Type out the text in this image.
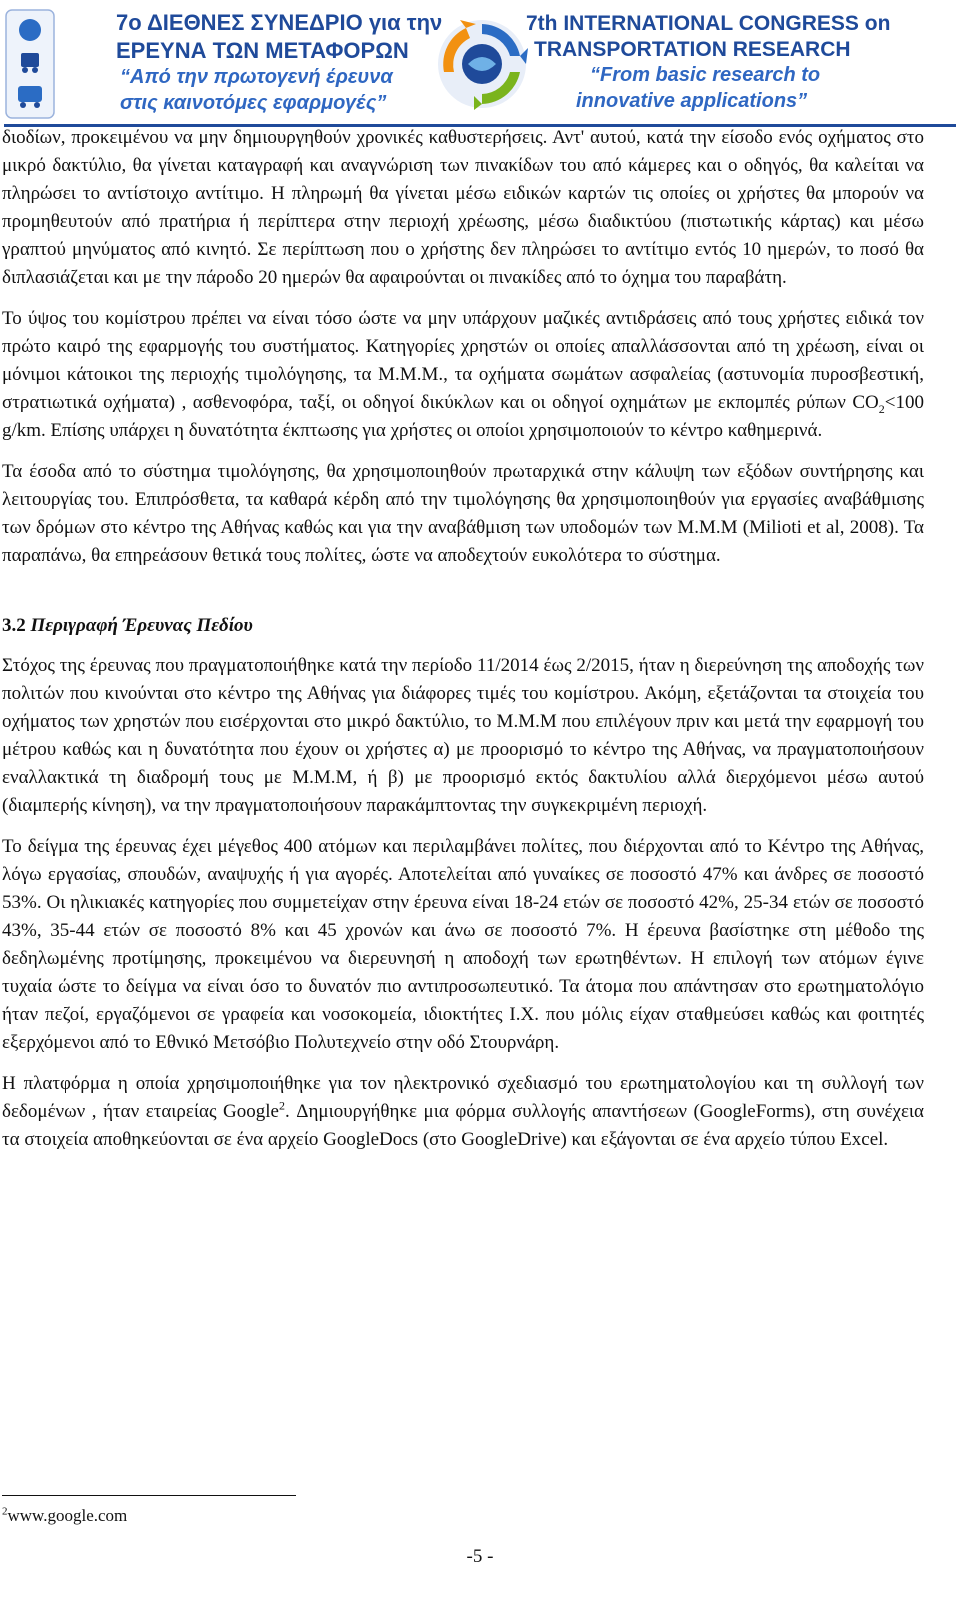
7ο ΔΙΕΘΝΕΣ ΣΥΝΕΔΡΙΟ για την
ΕΡΕΥΝΑ ΤΩΝ ΜΕΤΑΦΟΡΩΝ
“Από την πρωτογενή έρευνα
στις καινοτόμες εφαρμογές”
7th INTERNATIONAL CONGRESS on
TRANSPORTATION RESEARCH
“From basic research to
innovative applications”

διοδίων, προκειμένου να μην δημιουργηθούν χρονικές καθυστερήσεις. Αντ' αυτού, κατά την είσοδο ενός οχήματος στο μικρό δακτύλιο, θα γίνεται καταγραφή και αναγνώριση των πινακίδων του από κάμερες και ο οδηγός, θα καλείται να πληρώσει το αντίστοιχο αντίτιμο. Η πληρωμή θα γίνεται μέσω ειδικών καρτών τις οποίες οι χρήστες θα μπορούν να προμηθευτούν από πρατήρια ή περίπτερα στην περιοχή χρέωσης, μέσω διαδικτύου (πιστωτικής κάρτας) και μέσω γραπτού μηνύματος από κινητό. Σε περίπτωση που ο χρήστης δεν πληρώσει το αντίτιμο εντός 10 ημερών, το ποσό θα διπλασιάζεται και με την πάροδο 20 ημερών θα αφαιρούνται οι πινακίδες από το όχημα του παραβάτη.

Το ύψος του κομίστρου πρέπει να είναι τόσο ώστε να μην υπάρχουν μαζικές αντιδράσεις από τους χρήστες ειδικά τον πρώτο καιρό της εφαρμογής του συστήματος. Κατηγορίες χρηστών οι οποίες απαλλάσσονται από τη χρέωση, είναι οι μόνιμοι κάτοικοι της περιοχής τιμολόγησης, τα Μ.Μ.Μ., τα οχήματα σωμάτων ασφαλείας (αστυνομία πυροσβεστική, στρατιωτικά οχήματα) , ασθενοφόρα, ταξί, οι οδηγοί δικύκλων και οι οδηγοί οχημάτων με εκπομπές ρύπων $CO_2<100$ g/km. Επίσης υπάρχει η δυνατότητα έκπτωσης για χρήστες οι οποίοι χρησιμοποιούν το κέντρο καθημερινά.

Τα έσοδα από το σύστημα τιμολόγησης, θα χρησιμοποιηθούν πρωταρχικά στην κάλυψη των εξόδων συντήρησης και λειτουργίας του. Επιπρόσθετα, τα καθαρά κέρδη από την τιμολόγησης θα χρησιμοποιηθούν για εργασίες αναβάθμισης των δρόμων στο κέντρο της Αθήνας καθώς και για την αναβάθμιση των υποδομών των Μ.Μ.Μ (Milioti et al, 2008). Τα παραπάνω, θα επηρεάσουν θετικά τους πολίτες, ώστε να αποδεχτούν ευκολότερα το σύστημα.

3.2 Περιγραφή Έρευνας Πεδίου

Στόχος της έρευνας που πραγματοποιήθηκε κατά την περίοδο 11/2014 έως 2/2015, ήταν η διερεύνηση της αποδοχής των πολιτών που κινούνται στο κέντρο της Αθήνας για διάφορες τιμές του κομίστρου. Ακόμη, εξετάζονται τα στοιχεία του οχήματος των χρηστών που εισέρχονται στο μικρό δακτύλιο, το Μ.Μ.Μ που επιλέγουν πριν και μετά την εφαρμογή του μέτρου καθώς και η δυνατότητα που έχουν οι χρήστες α) με προορισμό το κέντρο της Αθήνας, να πραγματοποιήσουν εναλλακτικά τη διαδρομή τους με Μ.Μ.Μ, ή β) με προορισμό εκτός δακτυλίου αλλά διερχόμενοι μέσω αυτού (διαμπερής κίνηση), να την πραγματοποιήσουν παρακάμπτοντας την συγκεκριμένη περιοχή.

Το δείγμα της έρευνας έχει μέγεθος 400 ατόμων και περιλαμβάνει πολίτες, που διέρχονται από το Κέντρο της Αθήνας, λόγω εργασίας, σπουδών, αναψυχής ή για αγορές. Αποτελείται από γυναίκες σε ποσοστό 47% και άνδρες σε ποσοστό 53%. Οι ηλικιακές κατηγορίες που συμμετείχαν στην έρευνα είναι 18-24 ετών σε ποσοστό 42%, 25-34 ετών σε ποσοστό 43%, 35-44 ετών σε ποσοστό 8% και 45 χρονών και άνω σε ποσοστό 7%. Η έρευνα βασίστηκε στη μέθοδο της δεδηλωμένης προτίμησης, προκειμένου να διερευνησή η αποδοχή των ερωτηθέντων. Η επιλογή των ατόμων έγινε τυχαία ώστε το δείγμα να είναι όσο το δυνατόν πιο αντιπροσωπευτικό. Τα άτομα που απάντησαν στο ερωτηματολόγιο ήταν πεζοί, εργαζόμενοι σε γραφεία και νοσοκομεία, ιδιοκτήτες Ι.Χ. που μόλις είχαν σταθμεύσει καθώς και φοιτητές εξερχόμενοι από το Εθνικό Μετσόβιο Πολυτεχνείο στην οδό Στουρνάρη.

Η πλατφόρμα η οποία χρησιμοποιήθηκε για τον ηλεκτρονικό σχεδιασμό του ερωτηματολογίου και τη συλλογή των δεδομένων , ήταν εταιρείας Google$^2$. Δημιουργήθηκε μια φόρμα συλλογής απαντήσεων (GoogleForms), στη συνέχεια τα στοιχεία αποθηκεύονται σε ένα αρχείο GoogleDocs (στο GoogleDrive) και εξάγονται σε ένα αρχείο τύπου Excel.

$^2$www.google.com
-5 -
